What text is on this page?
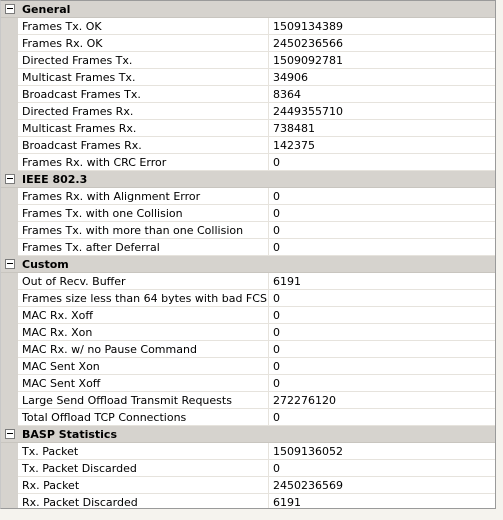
General
Frames Tx. OK	1509134389
Frames Rx. OK	2450236566
Directed Frames Tx.	1509092781
Multicast Frames Tx.	34906
Broadcast Frames Tx.	8364
Directed Frames Rx.	2449355710
Multicast Frames Rx.	738481
Broadcast Frames Rx.	142375
Frames Rx. with CRC Error	0
IEEE 802.3
Frames Rx. with Alignment Error	0
Frames Tx. with one Collision	0
Frames Tx. with more than one Collision	0
Frames Tx. after Deferral	0
Custom
Out of Recv. Buffer	6191
Frames size less than 64 bytes with bad FCS 0
MAC Rx. Xoff	0
MAC Rx. Xon	0
MAC Rx. w/ no Pause Command	0
MAC Sent Xon	0
MAC Sent Xoff	0
Large Send Offload Transmit Requests	272276120
Total Offload TCP Connections	0
BASP Statistics
Tx. Packet	1509136052
Tx. Packet Discarded	0
Rx. Packet	2450236569
Rx. Packet Discarded	6191
